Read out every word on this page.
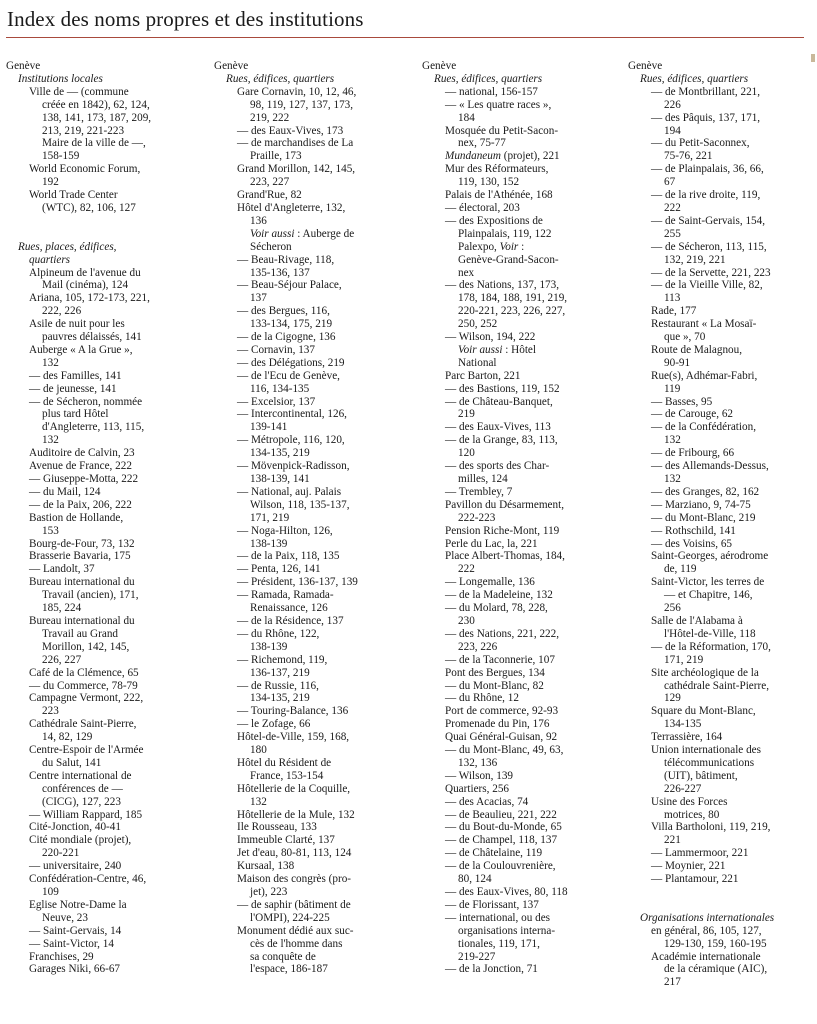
Index des noms propres et des institutions
Genève
Institutions locales
Ville de — (commune
créée en 1842), 62, 124,
138, 141, 173, 187, 209,
213, 219, 221-223
Maire de la ville de —,
158-159
World Economic Forum,
192
World Trade Center
(WTC), 82, 106, 127
Rues, places, édifices,
quartiers
Alpineum de l'avenue du
Mail (cinéma), 124
Ariana, 105, 172-173, 221,
222, 226
Asile de nuit pour les
pauvres délaissés, 141
Auberge « A la Grue »,
132
— des Familles, 141
— de jeunesse, 141
— de Sécheron, nommée
plus tard Hôtel
d'Angleterre, 113, 115,
132
Auditoire de Calvin, 23
Avenue de France, 222
— Giuseppe-Motta, 222
— du Mail, 124
— de la Paix, 206, 222
Bastion de Hollande,
153
Bourg-de-Four, 73, 132
Brasserie Bavaria, 175
— Landolt, 37
Bureau international du
Travail (ancien), 171,
185, 224
Bureau international du
Travail au Grand
Morillon, 142, 145,
226, 227
Café de la Clémence, 65
— du Commerce, 78-79
Campagne Vermont, 222,
223
Cathédrale Saint-Pierre,
14, 82, 129
Centre-Espoir de l'Armée
du Salut, 141
Centre international de
conférences de —
(CICG), 127, 223
— William Rappard, 185
Cité-Jonction, 40-41
Cité mondiale (projet),
220-221
— universitaire, 240
Confédération-Centre, 46,
109
Eglise Notre-Dame la
Neuve, 23
— Saint-Gervais, 14
— Saint-Victor, 14
Franchises, 29
Garages Niki, 66-67
Genève
Rues, édifices, quartiers
Gare Cornavin, 10, 12, 46,
98, 119, 127, 137, 173,
219, 222
— des Eaux-Vives, 173
— de marchandises de La
Praille, 173
Grand Morillon, 142, 145,
223, 227
Grand'Rue, 82
Hôtel d'Angleterre, 132,
136
Voir aussi : Auberge de
Sécheron
— Beau-Rivage, 118,
135-136, 137
— Beau-Séjour Palace,
137
— des Bergues, 116,
133-134, 175, 219
— de la Cigogne, 136
— Cornavin, 137
— des Délégations, 219
— de l'Ecu de Genève,
116, 134-135
— Excelsior, 137
— Intercontinental, 126,
139-141
— Métropole, 116, 120,
134-135, 219
— Mövenpick-Radisson,
138-139, 141
— National, auj. Palais
Wilson, 118, 135-137,
171, 219
— Noga-Hilton, 126,
138-139
— de la Paix, 118, 135
— Penta, 126, 141
— Président, 136-137, 139
— Ramada, Ramada-
Renaissance, 126
— de la Résidence, 137
— du Rhône, 122,
138-139
— Richemond, 119,
136-137, 219
— de Russie, 116,
134-135, 219
— Touring-Balance, 136
— le Zofage, 66
Hôtel-de-Ville, 159, 168,
180
Hôtel du Résident de
France, 153-154
Hôtellerie de la Coquille,
132
Hôtellerie de la Mule, 132
Ile Rousseau, 133
Immeuble Clarté, 137
Jet d'eau, 80-81, 113, 124
Kursaal, 138
Maison des congrès (pro-
jet), 223
— de saphir (bâtiment de
l'OMPI), 224-225
Monument dédié aux suc-
cès de l'homme dans
sa conquête de
l'espace, 186-187
Genève
Rues, édifices, quartiers
— national, 156-157
— « Les quatre races »,
184
Mosquée du Petit-Sacon-
nex, 75-77
Mundaneum (projet), 221
Mur des Réformateurs,
119, 130, 152
Palais de l'Athénée, 168
— électoral, 203
— des Expositions de
Plainpalais, 119, 122
Palexpo, Voir :
Genève-Grand-Sacon-
nex
— des Nations, 137, 173,
178, 184, 188, 191, 219,
220-221, 223, 226, 227,
250, 252
— Wilson, 194, 222
Voir aussi : Hôtel
National
Parc Barton, 221
— des Bastions, 119, 152
— de Château-Banquet,
219
— des Eaux-Vives, 113
— de la Grange, 83, 113,
120
— des sports des Char-
milles, 124
— Trembley, 7
Pavillon du Désarmement,
222-223
Pension Riche-Mont, 119
Perle du Lac, la, 221
Place Albert-Thomas, 184,
222
— Longemalle, 136
— de la Madeleine, 132
— du Molard, 78, 228,
230
— des Nations, 221, 222,
223, 226
— de la Taconnerie, 107
Pont des Bergues, 134
— du Mont-Blanc, 82
— du Rhône, 12
Port de commerce, 92-93
Promenade du Pin, 176
Quai Général-Guisan, 92
— du Mont-Blanc, 49, 63,
132, 136
— Wilson, 139
Quartiers, 256
— des Acacias, 74
— de Beaulieu, 221, 222
— du Bout-du-Monde, 65
— de Champel, 118, 137
— de Châtelaine, 119
— de la Coulouvrenière,
80, 124
— des Eaux-Vives, 80, 118
— de Florissant, 137
— international, ou des
organisations interna-
tionales, 119, 171,
219-227
— de la Jonction, 71
Genève
Rues, édifices, quartiers
— de Montbrillant, 221,
226
— des Pâquis, 137, 171,
194
— du Petit-Saconnex,
75-76, 221
— de Plainpalais, 36, 66,
67
— de la rive droite, 119,
222
— de Saint-Gervais, 154,
255
— de Sécheron, 113, 115,
132, 219, 221
— de la Servette, 221, 223
— de la Vieille Ville, 82,
113
Rade, 177
Restaurant « La Mosaï-
que », 70
Route de Malagnou,
90-91
Rue(s), Adhémar-Fabri,
119
— Basses, 95
— de Carouge, 62
— de la Confédération,
132
— de Fribourg, 66
— des Allemands-Dessus,
132
— des Granges, 82, 162
— Marziano, 9, 74-75
— du Mont-Blanc, 219
— Rothschild, 141
— des Voisins, 65
Saint-Georges, aérodrome
de, 119
Saint-Victor, les terres de
— et Chapitre, 146,
256
Salle de l'Alabama à
l'Hôtel-de-Ville, 118
— de la Réformation, 170,
171, 219
Site archéologique de la
cathédrale Saint-Pierre,
129
Square du Mont-Blanc,
134-135
Terrassière, 164
Union internationale des
télécommunications
(UIT), bâtiment,
226-227
Usine des Forces
motrices, 80
Villa Bartholoni, 119, 219,
221
— Lammermoor, 221
— Moynier, 221
— Plantamour, 221
Organisations internationales
en général, 86, 105, 127,
129-130, 159, 160-195
Académie internationale
de la céramique (AIC),
217
